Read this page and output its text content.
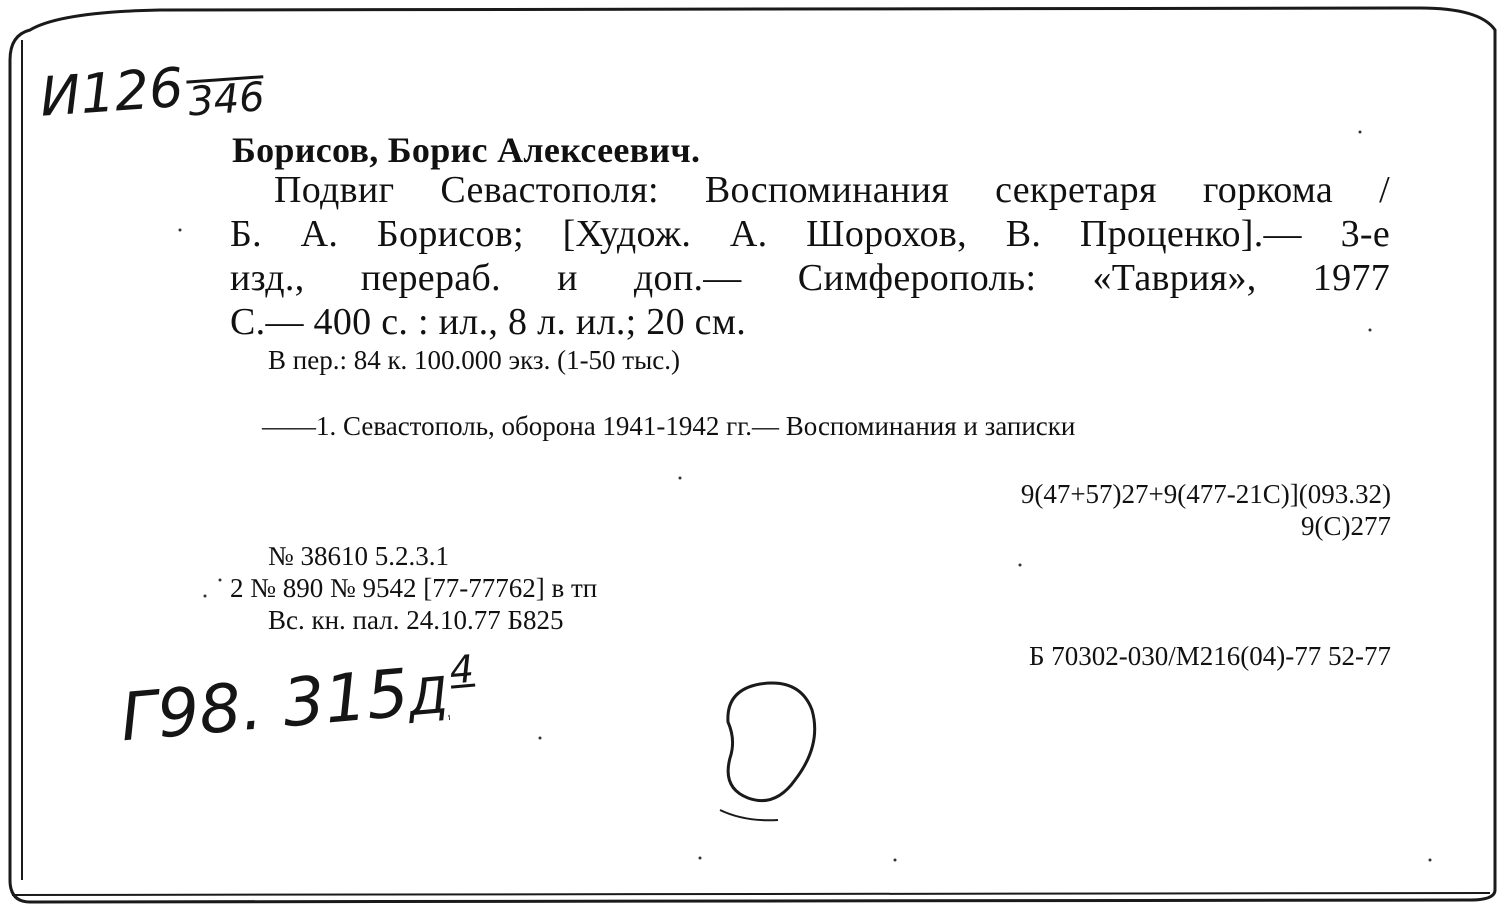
И126346

Борисов, Борис Алексеевич.

Подвиг Севастополя: Воспоминания секретаря горкома /

Б. А. Борисов; [Худож. А. Шорохов, В. Проценко].— 3-е

изд., перераб. и доп.— Симферополь: «Таврия», 1977

С.— 400 с. : ил., 8 л. ил.; 20 см.

В пер.: 84 к. 100.000 экз. (1-50 тыс.)

——1. Севастополь, оборона 1941-1942 гг.— Воспоминания и записки

9(47+57)27+9(477-21С)](093.32)

9(С)277

№ 38610 5.2.3.1

2 № 890 № 9542 [77-77762] в тп

Вс. кн. пал. 24.10.77 Б825

Б 70302-030/М216(04)-77 52-77

Г98. $315Д^4$
